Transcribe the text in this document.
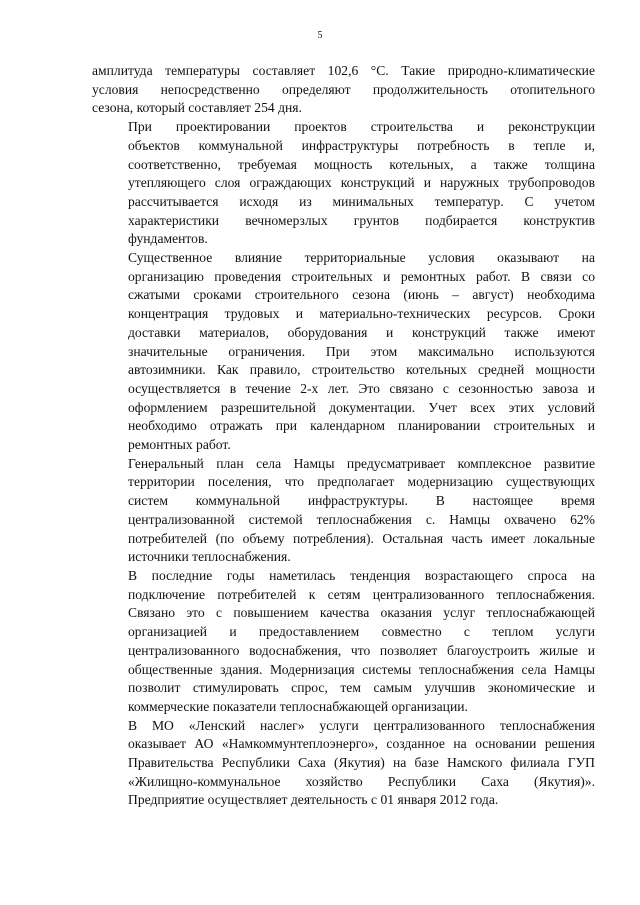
5

амплитуда температуры составляет 102,6 °С. Такие природно-климатические
условия непосредственно определяют продолжительность отопительного
сезона, который составляет 254 дня.

При проектировании проектов строительства и реконструкции
объектов коммунальной инфраструктуры потребность в тепле и,
соответственно, требуемая мощность котельных, а также толщина
утепляющего слоя ограждающих конструкций и наружных трубопроводов
рассчитывается исходя из минимальных температур. С учетом
характеристики вечномерзлых грунтов подбирается конструктив
фундаментов.

Существенное влияние территориальные условия оказывают на
организацию проведения строительных и ремонтных работ. В связи со
сжатыми сроками строительного сезона (июнь – август) необходима
концентрация трудовых и материально-технических ресурсов. Сроки
доставки материалов, оборудования и конструкций также имеют
значительные ограничения. При этом максимально используются
автозимники. Как правило, строительство котельных средней мощности
осуществляется в течение 2-х лет. Это связано с сезонностью завоза и
оформлением разрешительной документации. Учет всех этих условий
необходимо отражать при календарном планировании строительных и
ремонтных работ.

Генеральный план села Намцы предусматривает комплексное развитие
территории поселения, что предполагает модернизацию существующих
систем коммунальной инфраструктуры. В настоящее время
централизованной системой теплоснабжения с. Намцы охвачено 62%
потребителей (по объему потребления). Остальная часть имеет локальные
источники теплоснабжения.

В последние годы наметилась тенденция возрастающего спроса на
подключение потребителей к сетям централизованного теплоснабжения.
Связано это с повышением качества оказания услуг теплоснабжающей
организацией и предоставлением совместно с теплом услуги
централизованного водоснабжения, что позволяет благоустроить жилые и
общественные здания. Модернизация системы теплоснабжения села Намцы
позволит стимулировать спрос, тем самым улучшив экономические и
коммерческие показатели теплоснабжающей организации.

В МО «Ленский наслег» услуги централизованного теплоснабжения
оказывает АО «Намкоммунтеплоэнерго», созданное на основании решения
Правительства Республики Саха (Якутия) на базе Намского филиала ГУП
«Жилищно-коммунальное хозяйство Республики Саха (Якутия)».
Предприятие осуществляет деятельность с 01 января 2012 года.
